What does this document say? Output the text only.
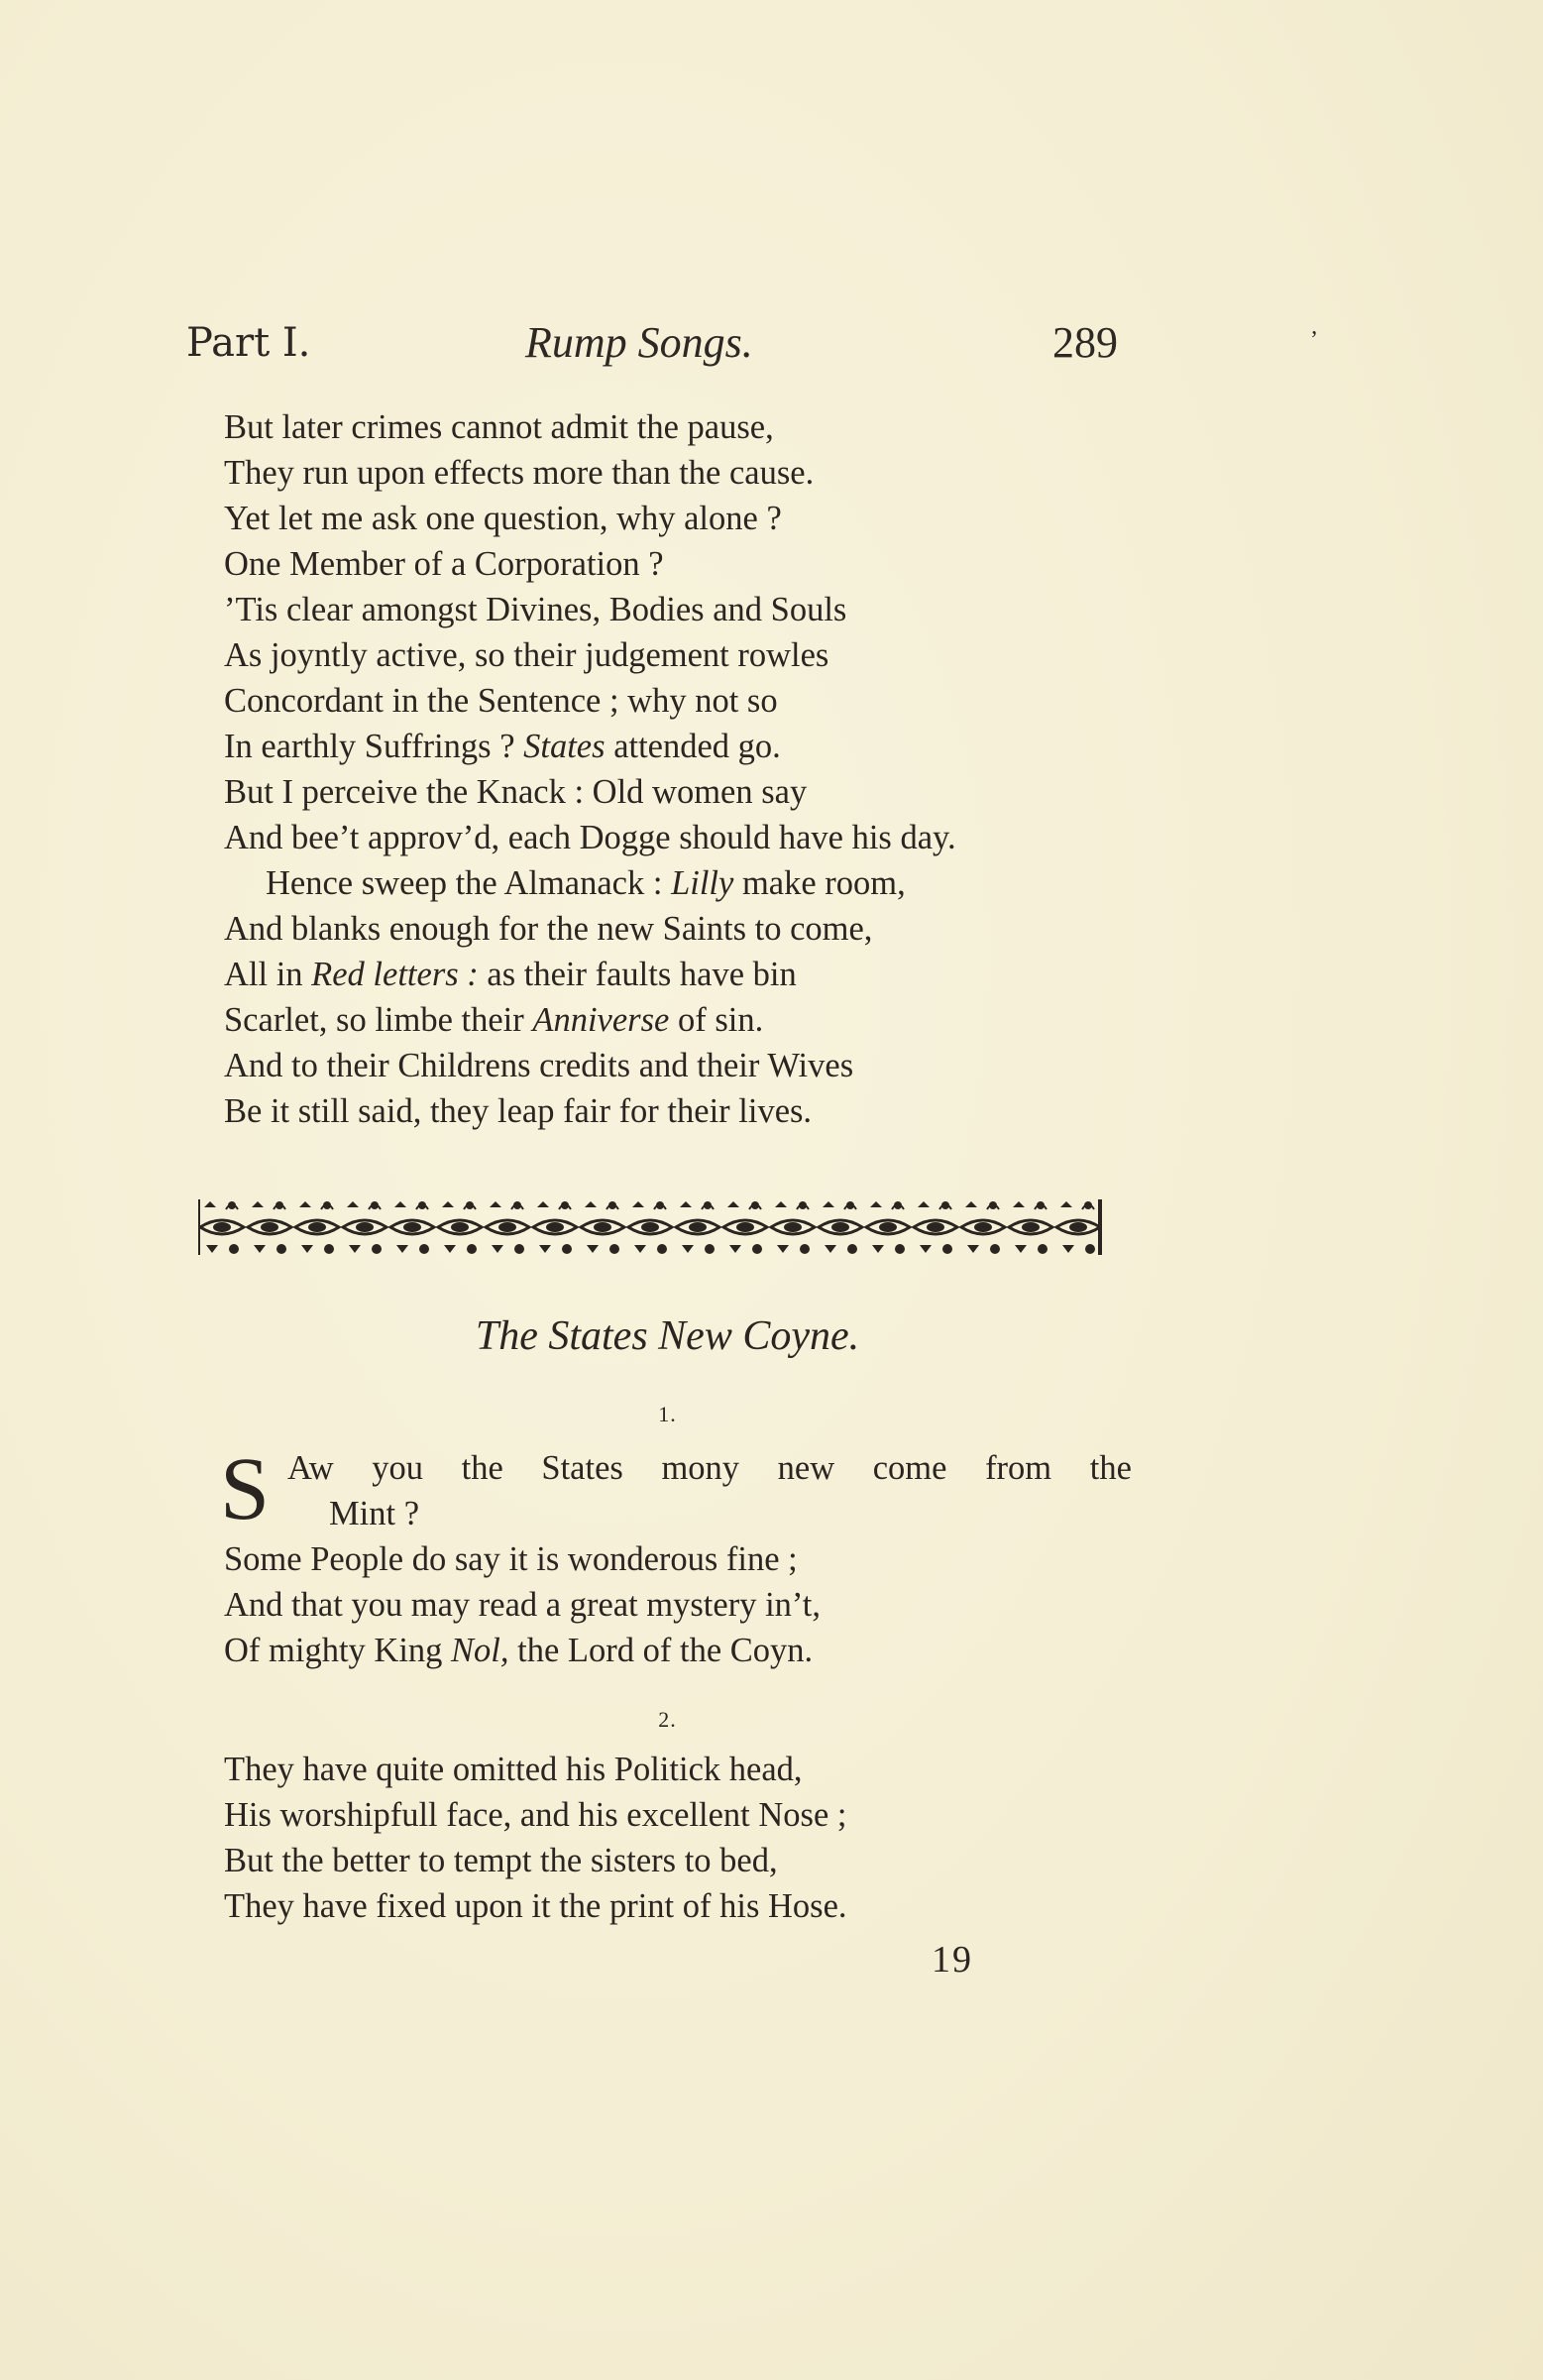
Part I.	Rump Songs.	289	’
But later crimes cannot admit the pause,
They run upon effects more than the cause.
Yet let me ask one question, why alone ?
One Member of a Corporation ?
’Tis clear amongst Divines, Bodies and Souls
As joyntly active, so their judgement rowles
Concordant in the Sentence ; why not so
In earthly Suffrings ? States attended go.
But I perceive the Knack : Old women say
And bee’t approv’d, each Dogge should have his day.
Hence sweep the Almanack : Lilly make room,
And blanks enough for the new Saints to come,
All in Red letters : as their faults have bin
Scarlet, so limbe their Anniverse of sin.
And to their Childrens credits and their Wives
Be it still said, they leap fair for their lives.
The States New Coyne.
1.
S Aw you the States mony new come from the
Mint ?
Some People do say it is wonderous fine ;
And that you may read a great mystery in’t,
Of mighty King Nol, the Lord of the Coyn.
2.
They have quite omitted his Politick head,
His worshipfull face, and his excellent Nose ;
But the better to tempt the sisters to bed,
They have fixed upon it the print of his Hose.
19
